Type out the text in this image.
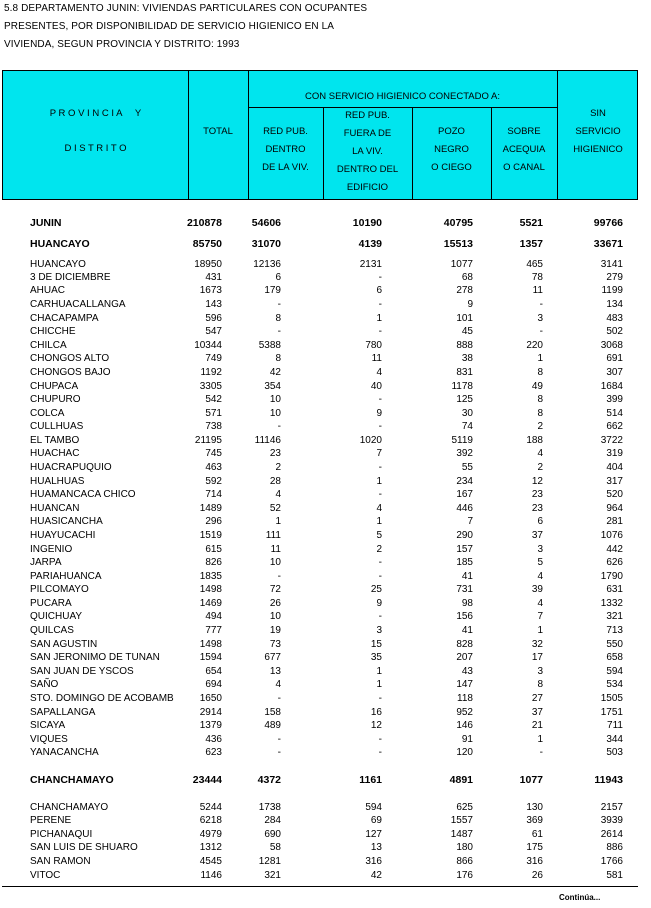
5.8 DEPARTAMENTO JUNIN: VIVIENDAS PARTICULARES CON OCUPANTES
PRESENTES, POR DISPONIBILIDAD DE SERVICIO HIGIENICO EN LA
VIVIENDA, SEGUN PROVINCIA Y DISTRITO: 1993
P R O V I N C I A     Y
D I S T R I T O
TOTAL
CON SERVICIO HIGIENICO CONECTADO A:
RED PUB.
DENTRO
DE LA VIV.
RED PUB.
FUERA DE
LA VIV.
DENTRO DEL
EDIFICIO
POZO
NEGRO
O CIEGO
SOBRE
ACEQUIA
O CANAL
SIN
SERVICIO
HIGIENICO
JUNIN	210878	54606	10190	40795	5521	99766
HUANCAYO	85750	31070	4139	15513	1357	33671
HUANCAYO	18950	12136	2131	1077	465	3141
3 DE DICIEMBRE	431	6	-	68	78	279
AHUAC	1673	179	6	278	11	1199
CARHUACALLANGA	143	-	-	9	-	134
CHACAPAMPA	596	8	1	101	3	483
CHICCHE	547	-	-	45	-	502
CHILCA	10344	5388	780	888	220	3068
CHONGOS ALTO	749	8	11	38	1	691
CHONGOS BAJO	1192	42	4	831	8	307
CHUPACA	3305	354	40	1178	49	1684
CHUPURO	542	10	-	125	8	399
COLCA	571	10	9	30	8	514
CULLHUAS	738	-	-	74	2	662
EL TAMBO	21195	11146	1020	5119	188	3722
HUACHAC	745	23	7	392	4	319
HUACRAPUQUIO	463	2	-	55	2	404
HUALHUAS	592	28	1	234	12	317
HUAMANCACA CHICO	714	4	-	167	23	520
HUANCAN	1489	52	4	446	23	964
HUASICANCHA	296	1	1	7	6	281
HUAYUCACHI	1519	111	5	290	37	1076
INGENIO	615	11	2	157	3	442
JARPA	826	10	-	185	5	626
PARIAHUANCA	1835	-	-	41	4	1790
PILCOMAYO	1498	72	25	731	39	631
PUCARA	1469	26	9	98	4	1332
QUICHUAY	494	10	-	156	7	321
QUILCAS	777	19	3	41	1	713
SAN AGUSTIN	1498	73	15	828	32	550
SAN JERONIMO DE TUNAN	1594	677	35	207	17	658
SAN JUAN DE YSCOS	654	13	1	43	3	594
SAÑO	694	4	1	147	8	534
STO. DOMINGO DE ACOBAMB	1650	-	-	118	27	1505
SAPALLANGA	2914	158	16	952	37	1751
SICAYA	1379	489	12	146	21	711
VIQUES	436	-	-	91	1	344
YANACANCHA	623	-	-	120	-	503
CHANCHAMAYO	23444	4372	1161	4891	1077	11943
CHANCHAMAYO	5244	1738	594	625	130	2157
PERENE	6218	284	69	1557	369	3939
PICHANAQUI	4979	690	127	1487	61	2614
SAN LUIS DE SHUARO	1312	58	13	180	175	886
SAN RAMON	4545	1281	316	866	316	1766
VITOC	1146	321	42	176	26	581
Continúa...
